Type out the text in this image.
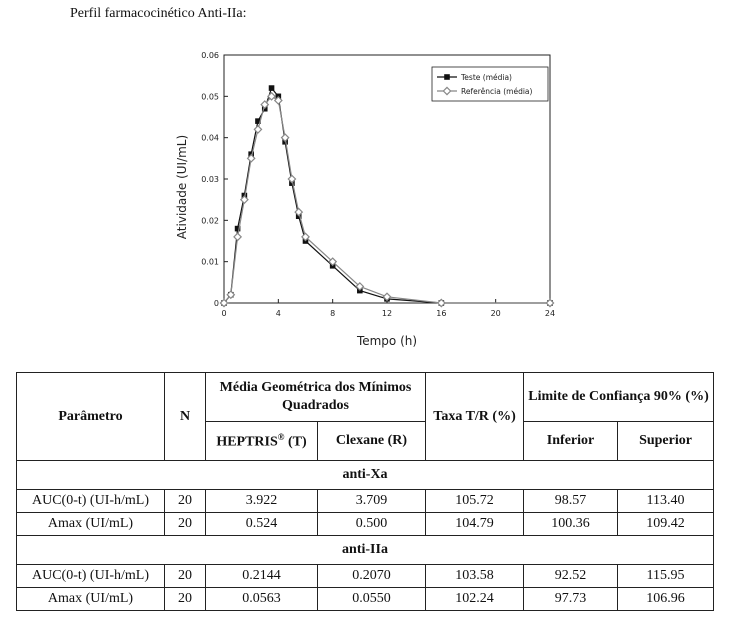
Perfil farmacocinético Anti-IIa:
0	4	8	12	16	20	24
0
0.01
0.02
0.03
0.04
0.05
0.06
Tempo (h)
Atividade (UI/mL)
Teste (média)
Referência (média)
Parâmetro	N	Média Geométrica dos Mínimos Quadrados		Taxa T/R (%)	Limite de Confiança 90% (%)	
		HEPTRIS® (T)	Clexane (R)		Inferior	Superior
anti-Xa						
AUC(0-t) (UI-h/mL)	20	3.922	3.709	105.72	98.57	113.40
Amax (UI/mL)	20	0.524	0.500	104.79	100.36	109.42
anti-IIa						
AUC(0-t) (UI-h/mL)	20	0.2144	0.2070	103.58	92.52	115.95
Amax (UI/mL)	20	0.0563	0.0550	102.24	97.73	106.96
